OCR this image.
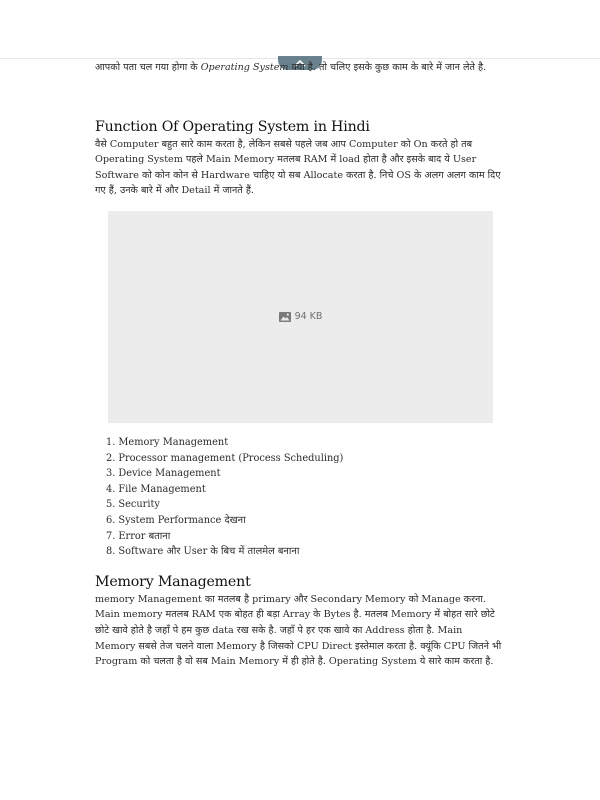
आपको पता चल गया होगा के Operating System क्या है. तो चलिए इसके कुछ काम के बारे में जान लेते है.

Function Of Operating System in Hindi

वैसे Computer बहुत सारे काम करता है, लेकिन सबसे पहले जब आप Computer को On करते हो तब Operating System पहले Main Memory मतलब RAM में load होता है और इसके बाद ये User Software को कोन कोन से Hardware चाहिए यो सब Allocate करता है. निचे OS के अलग अलग काम दिए गए हैं, उनके बारे में और Detail में जानते हैं.

94 KB
1. Memory Management
2. Processor management (Process Scheduling)
3. Device Management
4. File Management
5. Security
6. System Performance देखना
7. Error बताना
8. Software और User के बिच में तालमेल बनाना
Memory Management

memory Management का मतलब है primary और Secondary Memory को Manage करना. Main memory मतलब RAM एक बोहत ही बड़ा Array के Bytes है. मतलब Memory में बोहत सारे छोटे छोटे खावे होते है जहाँ पे हम कुछ data रख सके है. जहाँ पे हर एक खावे का Address होता है. Main Memory सबसे तेज चलने वाला Memory है जिसको CPU Direct इस्तेमाल करता है. क्यूंकि CPU जितने भी Program को चलता है वो सब Main Memory में ही होते है. Operating System ये सारे काम करता है.
